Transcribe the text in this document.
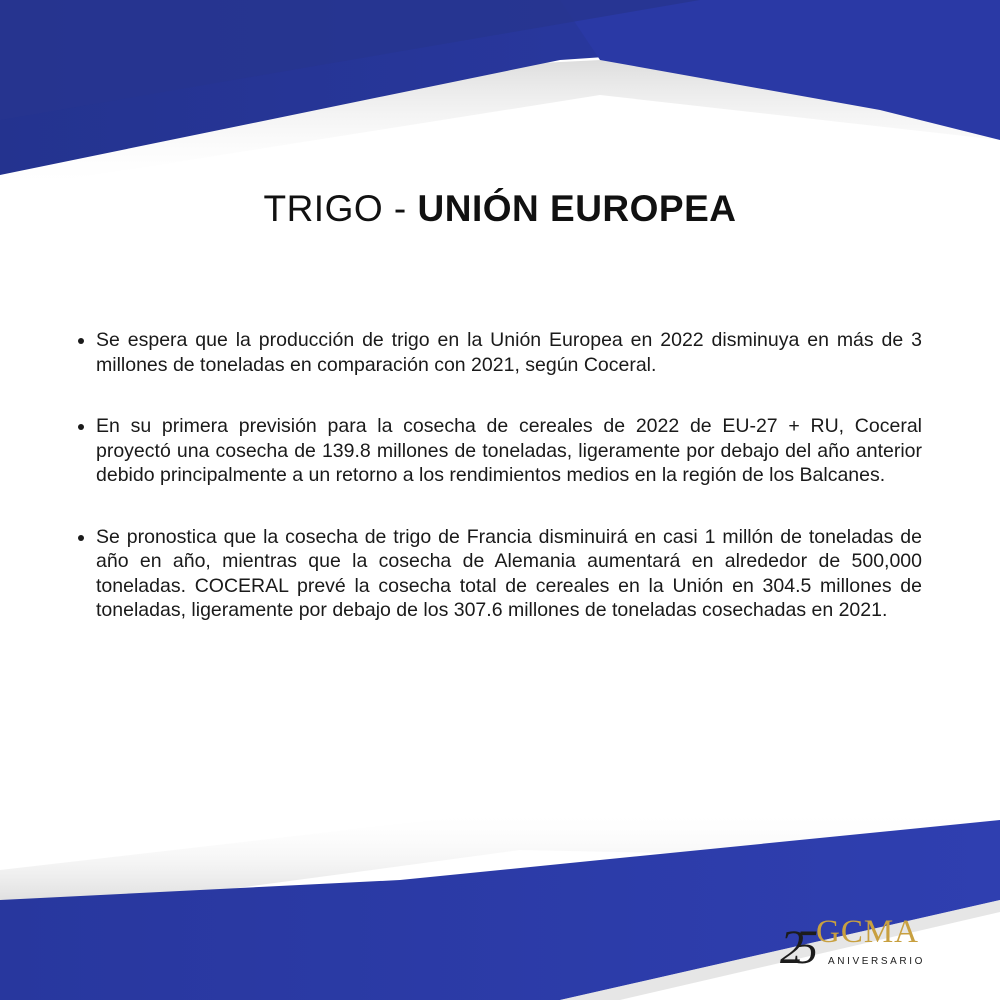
TRIGO - UNIÓN EUROPEA
Se espera que la producción de trigo en la Unión Europea en 2022 disminuya en más de 3 millones de toneladas en comparación con 2021, según Coceral.
En su primera previsión para la cosecha de cereales de 2022 de EU-27 + RU, Coceral proyectó una cosecha de 139.8 millones de toneladas, ligeramente por debajo del año anterior debido principalmente a un retorno a los rendimientos medios en la región de los Balcanes.
Se pronostica que la cosecha de trigo de Francia disminuirá en casi 1 millón de toneladas de año en año, mientras que la cosecha de Alemania aumentará en alrededor de 500,000 toneladas. COCERAL prevé la cosecha total de cereales en la Unión en 304.5 millones de toneladas, ligeramente por debajo de los 307.6 millones de toneladas cosechadas en 2021.
25 GCMA
ANIVERSARIO
